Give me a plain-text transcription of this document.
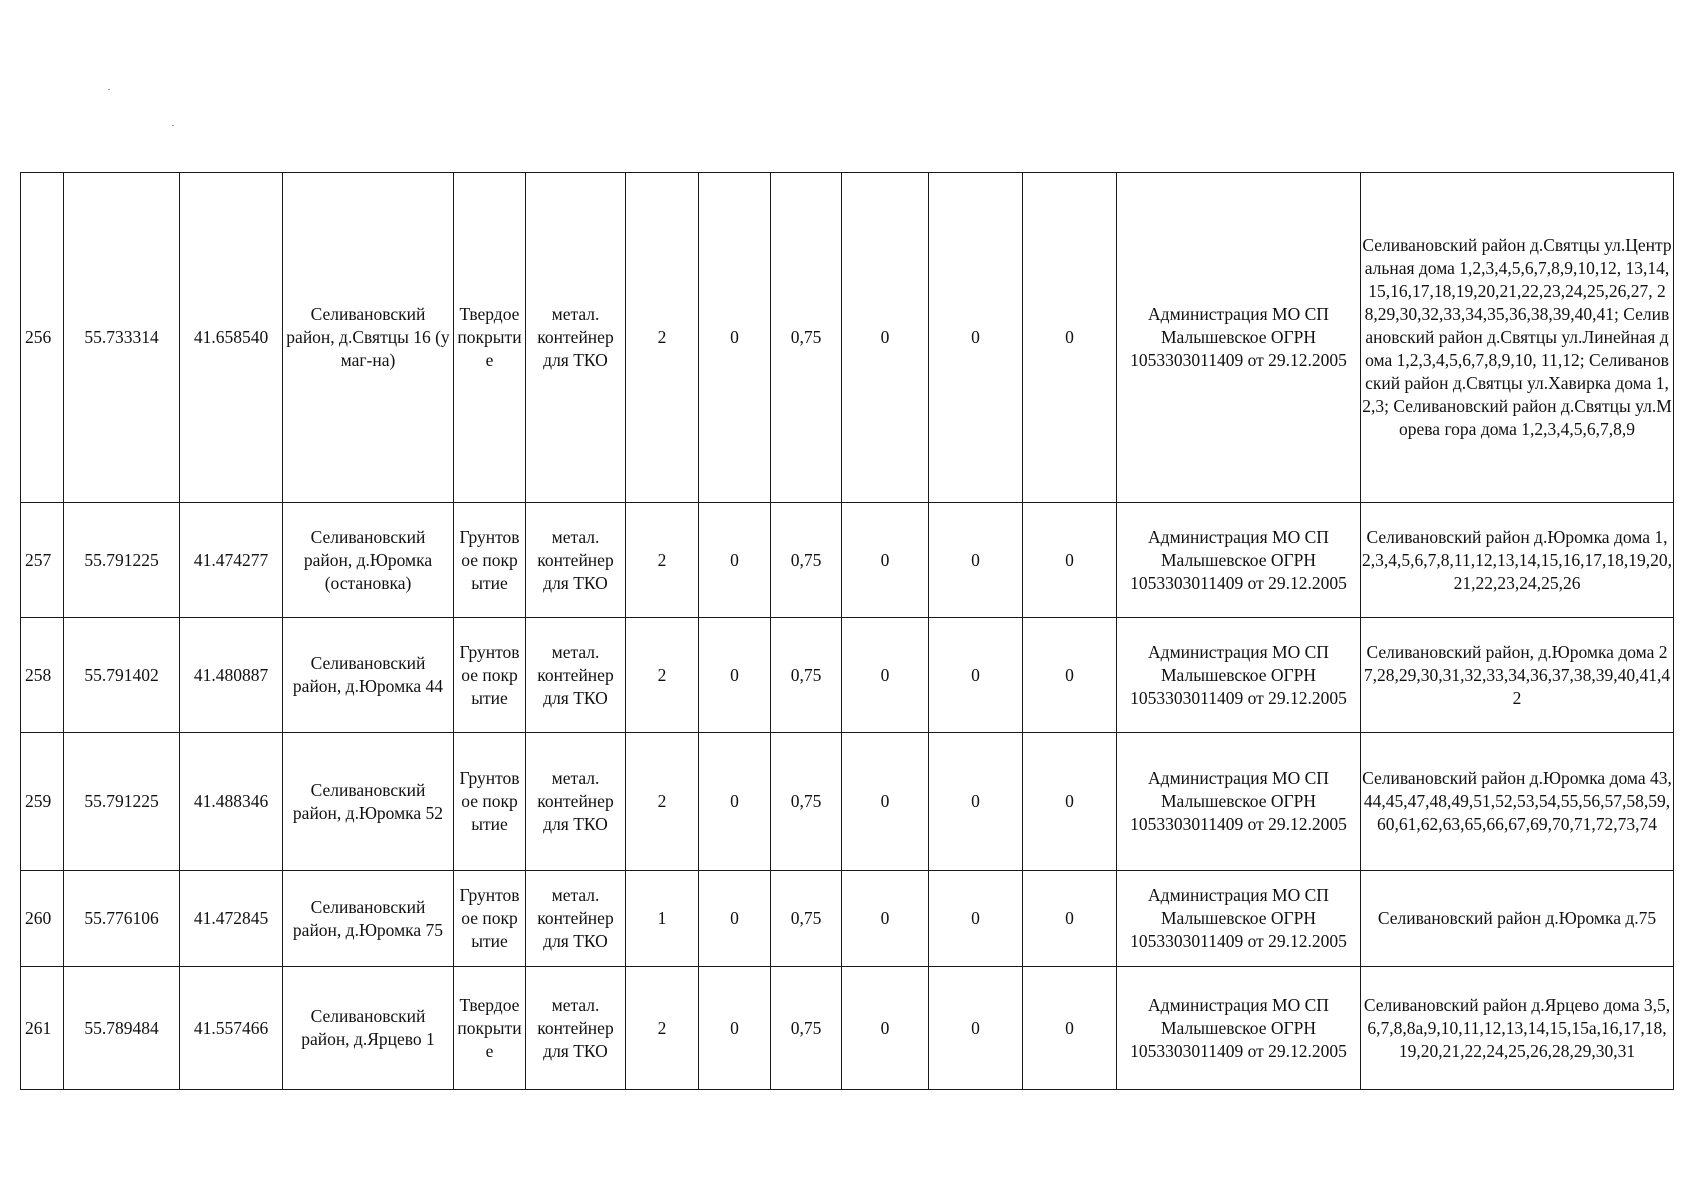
256	55.733314	41.658540	Селивановский район, д.Святцы 16 (у маг-на)	Твердое покрытие	метал. контейнер для ТКО	2	0	0,75	0	0	0	Администрация МО СП Малышевское ОГРН 1053303011409 от 29.12.2005	Селивановский район д.Святцы ул.Центральная дома 1,2,3,4,5,6,7,8,9,10,12, 13,14,15,16,17,18,19,20,21,22,23,24,25,26,27, 28,29,30,32,33,34,35,36,38,39,40,41; Селивановский район д.Святцы ул.Линейная дома 1,2,3,4,5,6,7,8,9,10, 11,12; Селивановский район д.Святцы ул.Хавирка дома 1,2,3; Селивановский район д.Святцы ул.Морева гора дома 1,2,3,4,5,6,7,8,9
257	55.791225	41.474277	Селивановский район, д.Юромка (остановка)	Грунтовое покрытие	метал. контейнер для ТКО	2	0	0,75	0	0	0	Администрация МО СП Малышевское ОГРН 1053303011409 от 29.12.2005	Селивановский район д.Юромка дома 1,2,3,4,5,6,7,8,11,12,13,14,15,16,17,18,19,20, 21,22,23,24,25,26
258	55.791402	41.480887	Селивановский район, д.Юромка 44	Грунтовое покрытие	метал. контейнер для ТКО	2	0	0,75	0	0	0	Администрация МО СП Малышевское ОГРН 1053303011409 от 29.12.2005	Селивановский район, д.Юромка дома 27,28,29,30,31,32,33,34,36,37,38,39,40,41,42
259	55.791225	41.488346	Селивановский район, д.Юромка 52	Грунтовое покрытие	метал. контейнер для ТКО	2	0	0,75	0	0	0	Администрация МО СП Малышевское ОГРН 1053303011409 от 29.12.2005	Селивановский район д.Юромка дома 43,44,45,47,48,49,51,52,53,54,55,56,57,58,59, 60,61,62,63,65,66,67,69,70,71,72,73,74
260	55.776106	41.472845	Селивановский район, д.Юромка 75	Грунтовое покрытие	метал. контейнер для ТКО	1	0	0,75	0	0	0	Администрация МО СП Малышевское ОГРН 1053303011409 от 29.12.2005	Селивановский район д.Юромка д.75
261	55.789484	41.557466	Селивановский район, д.Ярцево 1	Твердое покрытие	метал. контейнер для ТКО	2	0	0,75	0	0	0	Администрация МО СП Малышевское ОГРН 1053303011409 от 29.12.2005	Селивановский район д.Ярцево дома 3,5,6,7,8,8а,9,10,11,12,13,14,15,15а,16,17,18, 19,20,21,22,24,25,26,28,29,30,31
